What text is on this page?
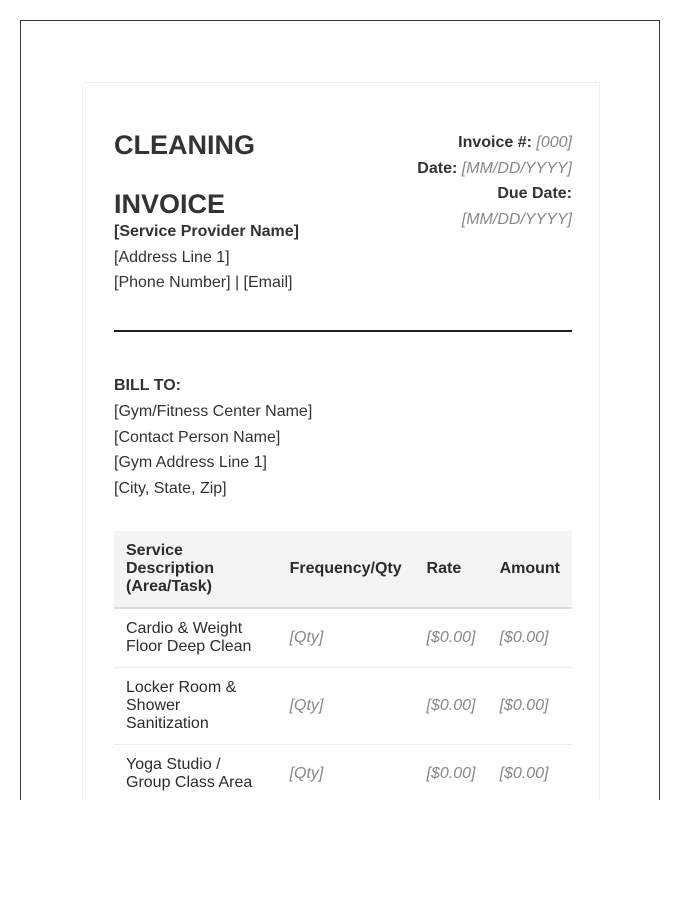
CLEANING
INVOICE
Invoice #: [000]
Date: [MM/DD/YYYY]
Due Date:
[MM/DD/YYYY]
[Service Provider Name]
[Address Line 1]
[Phone Number] | [Email]
BILL TO:
[Gym/Fitness Center Name]
[Contact Person Name]
[Gym Address Line 1]
[City, State, Zip]
Service Description (Area/Task)	Frequency/Qty	Rate	Amount
Cardio & Weight Floor Deep Clean	[Qty]	[$0.00]	[$0.00]
Locker Room & Shower Sanitization	[Qty]	[$0.00]	[$0.00]
Yoga Studio / Group Class Area	[Qty]	[$0.00]	[$0.00]
